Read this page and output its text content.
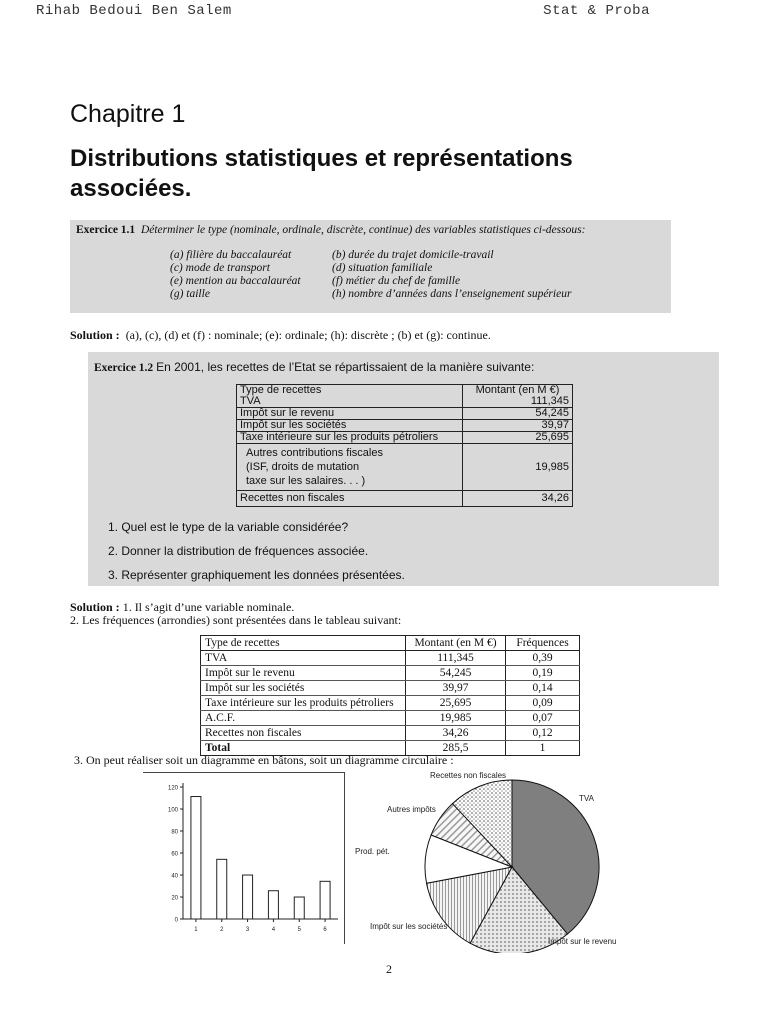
Rihab Bedoui Ben Salem	Stat & Proba
Chapitre 1
Distributions statistiques et représentations associées.
Exercice 1.1 Déterminer le type (nominale, ordinale, discrète, continue) des variables statistiques ci-dessous:
(a) filière du baccalauréat	(b) durée du trajet domicile-travail
(c) mode de transport	(d) situation familiale
(e) mention au baccalauréat	(f) métier du chef de famille
(g) taille	(h) nombre d’années dans l’enseignement supérieur
Solution : (a), (c), (d) et (f) : nominale; (e): ordinale; (h): discrète ; (b) et (g): continue.
Exercice 1.2 En 2001, les recettes de l’Etat se répartissaient de la manière suivante:
Type de recettes	Montant (en M €)
TVA	111,345
Impôt sur le revenu	54,245
Impôt sur les sociétés	39,97
Taxe intérieure sur les produits pétroliers	25,695

Autres contributions fiscales
(ISF, droits de mutation
taxe sur les salaires. . . )	19,985
Recettes non fiscales	34,26
1. Quel est le type de la variable considérée?
2. Donner la distribution de fréquences associée.
3. Représenter graphiquement les données présentées.
Solution : 1. Il s’agit d’une variable nominale.
2. Les fréquences (arrondies) sont présentées dans le tableau suivant:
Type de recettes	Montant (en M €)	Fréquences
TVA	111,345	0,39
Impôt sur le revenu	54,245	0,19
Impôt sur les sociétés	39,97	0,14
Taxe intérieure sur les produits pétroliers	25,695	0,09
A.C.F.	19,985	0,07
Recettes non fiscales	34,26	0,12
Total	285,5	1
3. On peut réaliser soit un diagramme en bâtons, soit un diagramme circulaire :
0
20
40
60
80
100
120
1	2	3	4	5	6
TVA
Impôt sur le revenu
Impôt sur les sociétés
Prod. pét.
Autres impôts
Recettes non fiscales
2
